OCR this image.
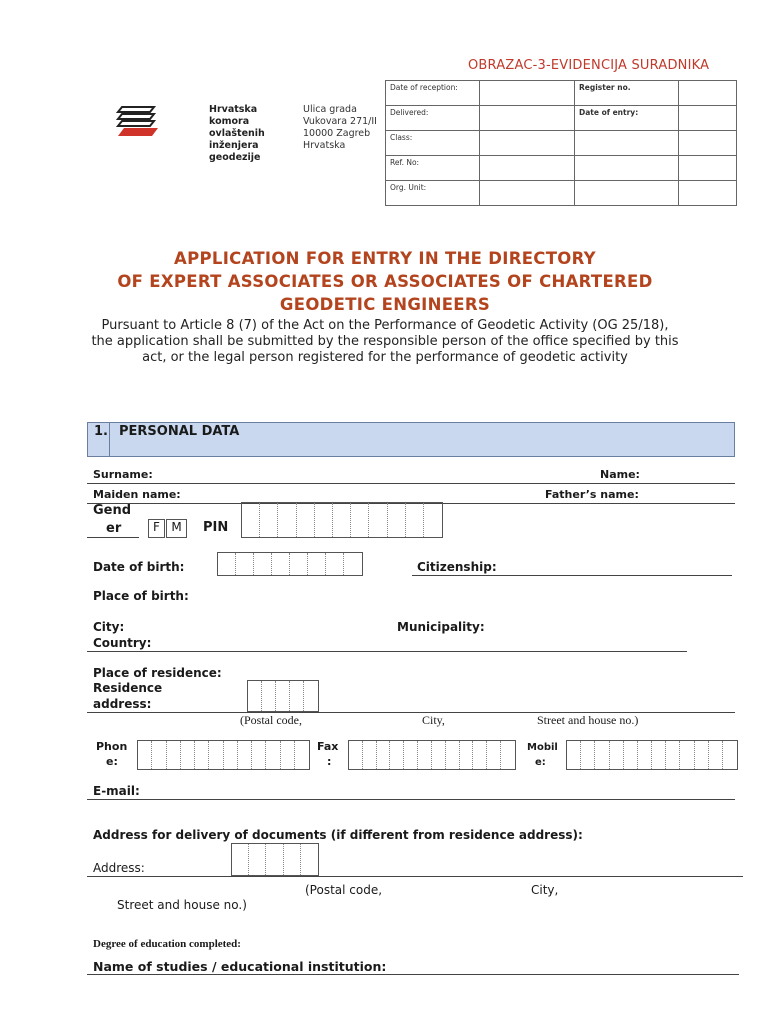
OBRAZAC-3-EVIDENCIJA SURADNIKA
Hrvatska
komora
ovlaštenih
inženjera
geodezije
Ulica grada
Vukovara 271/II
10000 Zagreb
Hrvatska
Date of reception:		Register no.	
Delivered:		Date of entry:	
Class:			
Ref. No:			
Org. Unit:			
APPLICATION FOR ENTRY IN THE DIRECTORY
OF EXPERT ASSOCIATES OR ASSOCIATES OF CHARTERED
GEODETIC ENGINEERS
Pursuant to Article 8 (7) of the Act on the Performance of Geodetic Activity (OG 25/18), the application shall be submitted by the responsible person of the office specified by this act, or the legal person registered for the performance of geodetic activity
1. PERSONAL DATA
Surname:	Name:
Maiden name:	Father’s name:
Gend
er	F M	PIN
Date of birth:	Citizenship:
Place of birth:
City:	Municipality:
Country:
Place of residence:
Residence
address:
(Postal code,	City,	Street and house no.)
Phon
e:
Fax
:
Mobil
e:
E-mail:
Address for delivery of documents (if different from residence address):
Address:
(Postal code,	City,
Street and house no.)
Degree of education completed:
Name of studies / educational institution:
